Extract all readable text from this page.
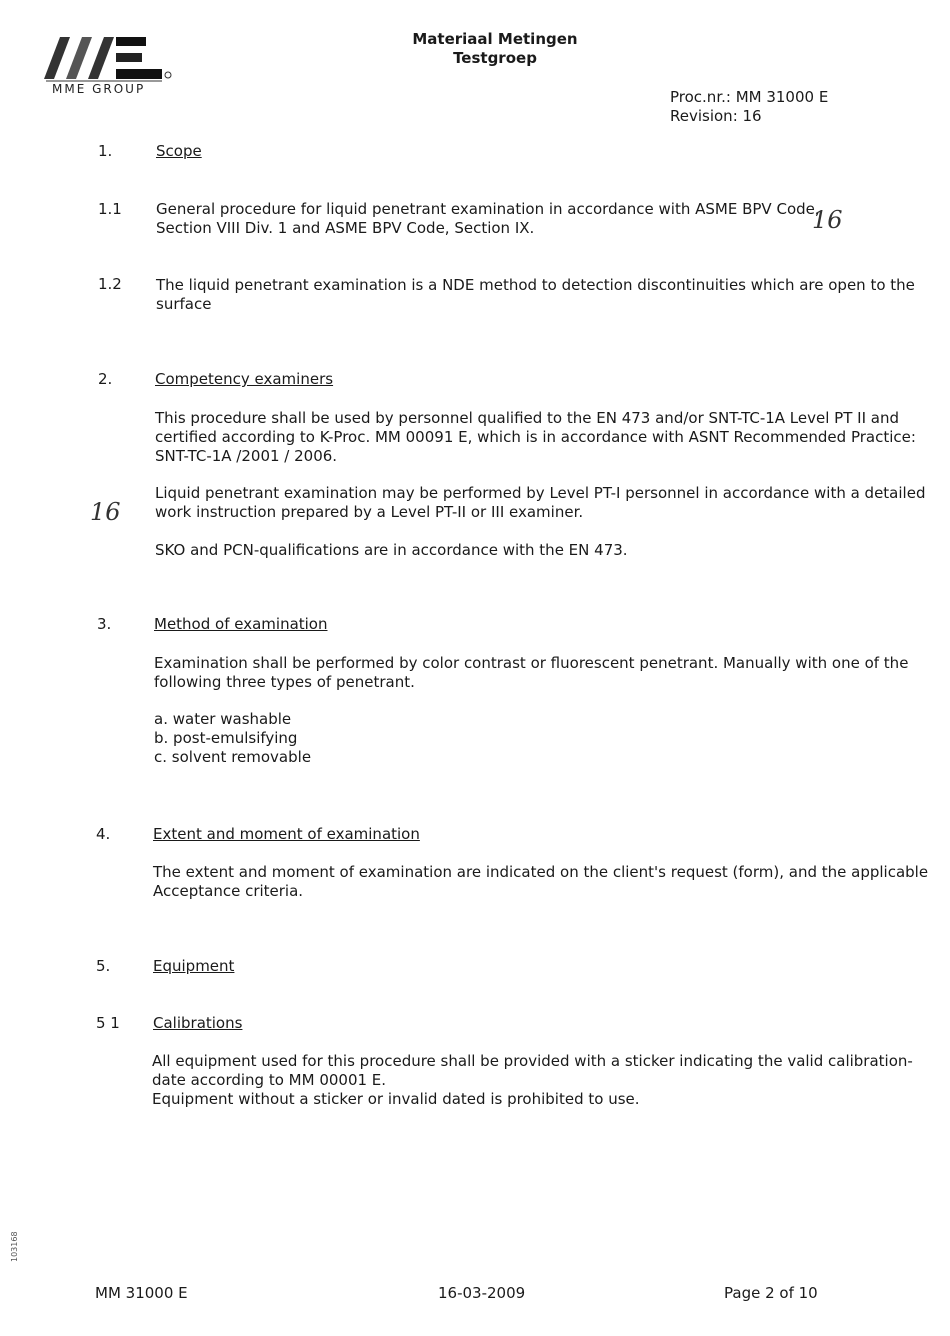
MME GROUP
Materiaal Metingen
Testgroep
Proc.nr.: MM 31000 E
Revision: 16
1.	Scope
1.1	General procedure for liquid penetrant examination in accordance with ASME BPV Code,
Section VIII Div. 1 and ASME BPV Code, Section IX.	16
1.2	The liquid penetrant examination is a NDE method to detection discontinuities which are open to the
surface
2.	Competency examiners
This procedure shall be used by personnel qualified to the EN 473 and/or SNT-TC-1A Level PT II and
certified according to K-Proc. MM 00091 E, which is in accordance with ASNT Recommended Practice:
SNT-TC-1A /2001 / 2006.
Liquid penetrant examination may be performed by Level PT-I personnel in accordance with a detailed
work instruction prepared by a Level PT-II or III examiner.
16
SKO and PCN-qualifications are in accordance with the EN 473.
3.	Method of examination
Examination shall be performed by color contrast or fluorescent penetrant. Manually with one of the
following three types of penetrant.
a. water washable
b. post-emulsifying
c. solvent removable
4.	Extent and moment of examination
The extent and moment of examination are indicated on the client's request (form), and the applicable
Acceptance criteria.
5.	Equipment
5 1	Calibrations
All equipment used for this procedure shall be provided with a sticker indicating the valid calibration-
date according to MM 00001 E.
Equipment without a sticker or invalid dated is prohibited to use.
103168
MM 31000 E	16-03-2009	Page 2 of 10
